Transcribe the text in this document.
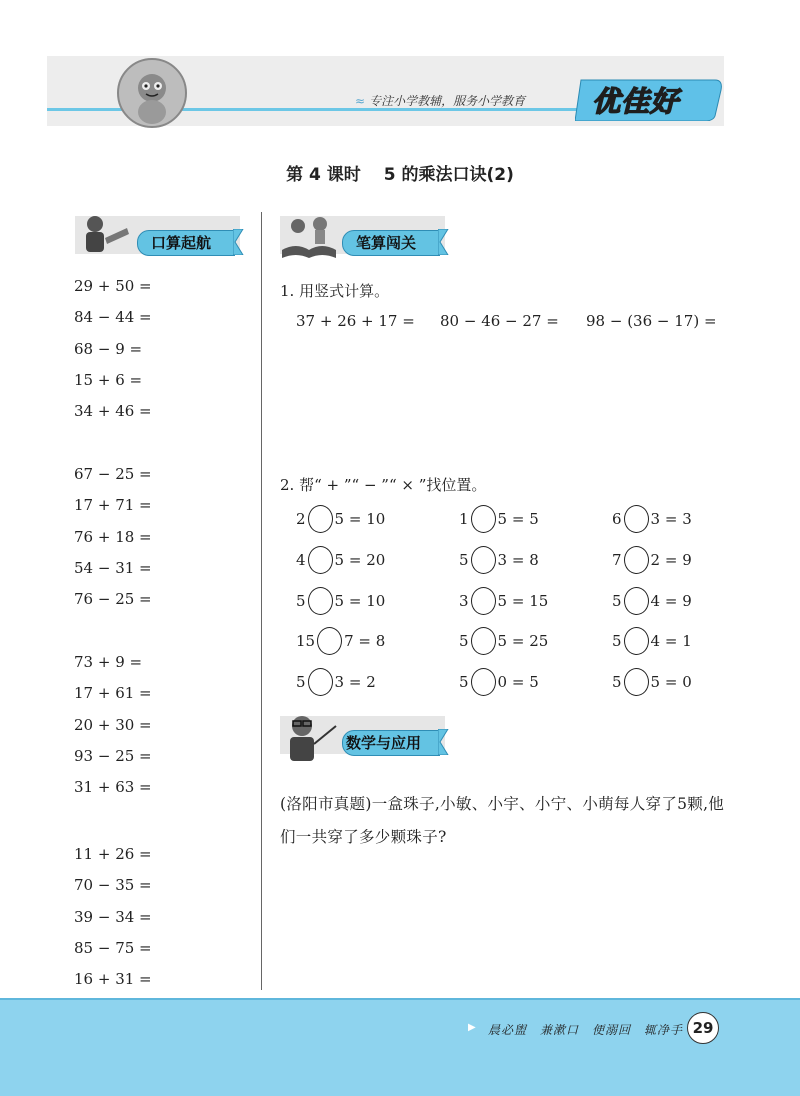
≈ 专注小学教辅，服务小学教育 优佳好
第 4 课时　 5 的乘法口诀(2)
口算起航
29 + 50 =
84 − 44 =
68 − 9 =
15 + 6 =
34 + 46 =
67 − 25 =
17 + 71 =
76 + 18 =
54 − 31 =
76 − 25 =
73 + 9 =
17 + 61 =
20 + 30 =
93 − 25 =
31 + 63 =
11 + 26 =
70 − 35 =
39 − 34 =
85 − 75 =
16 + 31 =
笔算闯关
1. 用竖式计算。
37 + 26 + 17 = 80 − 46 − 27 = 98 − (36 − 17) =
2. 帮“ + ”“ − ”“ × ”找位置。
2 5 = 10	1 5 = 5	6 3 = 3
4 5 = 20	5 3 = 8	7 2 = 9
5 5 = 10	3 5 = 15	5 4 = 9
15 7 = 8	5 5 = 25	5 4 = 1
5 3 = 2	5 0 = 5	5 5 = 0
数学与应用
(洛阳市真题)一盒珠子,小敏、小宇、小宁、小萌每人穿了5颗,他们一共穿了多少颗珠子?
▶ 晨必盥　兼漱口　便溺回　辄净手 29
